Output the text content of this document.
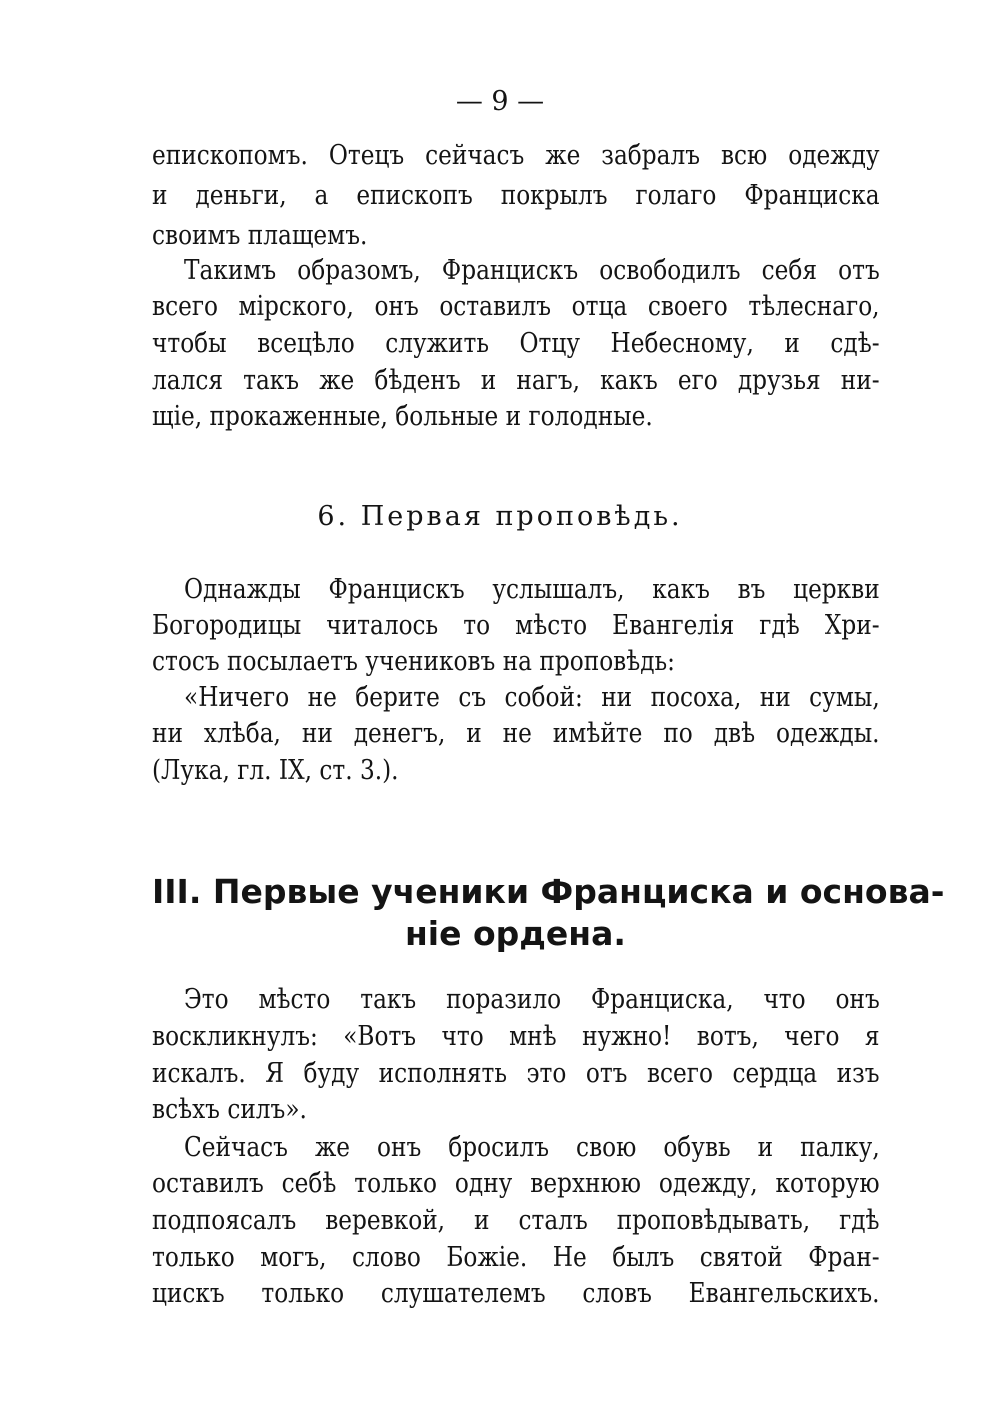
— 9 —
епископомъ. Отецъ сейчасъ же забралъ всю одежду
и деньги, а епископъ покрылъ голаго Франциска
своимъ плащемъ.
Такимъ образомъ, Францискъ освободилъ себя отъ
всего мірского, онъ оставилъ отца своего тѣлеснаго,
чтобы всецѣло служить Отцу Небесному, и сдѣ-
лался такъ же бѣденъ и нагъ, какъ его друзья ни-
щіе, прокаженные, больные и голодные.
6. Первая проповѣдь.
Однажды Францискъ услышалъ, какъ въ церкви
Богородицы читалось то мѣсто Евангелія гдѣ Хри-
стосъ посылаетъ учениковъ на проповѣдь:
«Ничего не берите съ собой: ни посоха, ни сумы,
ни хлѣба, ни денегъ, и не имѣйте по двѣ одежды.
(Лука, гл. IX, ст. 3.).
III. Первые ученики Франциска и основа-
ніе ордена.
Это мѣсто такъ поразило Франциска, что онъ
воскликнулъ: «Вотъ что мнѣ нужно! вотъ, чего я
искалъ. Я буду исполнять это отъ всего сердца изъ
всѣхъ силъ».
Сейчасъ же онъ бросилъ свою обувь и палку,
оставилъ себѣ только одну верхнюю одежду, которую
подпоясалъ веревкой, и сталъ проповѣдывать, гдѣ
только могъ, слово Божіе. Не былъ святой Фран-
цискъ только слушателемъ словъ Евангельскихъ.
